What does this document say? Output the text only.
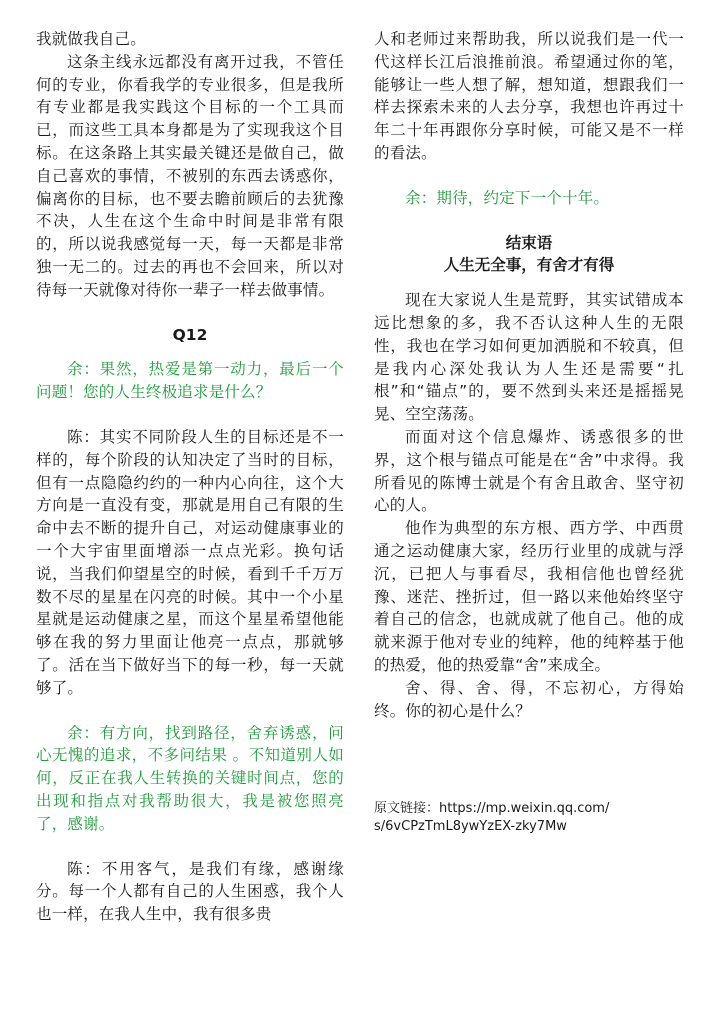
我就做我自己。

这条主线永远都没有离开过我，不管任何的专业，你看我学的专业很多，但是我所有专业都是我实践这个目标的一个工具而已，而这些工具本身都是为了实现我这个目标。在这条路上其实最关键还是做自己，做自己喜欢的事情，不被别的东西去诱惑你，偏离你的目标，也不要去瞻前顾后的去犹豫不决，人生在这个生命中时间是非常有限的，所以说我感觉每一天，每一天都是非常独一无二的。过去的再也不会回来，所以对待每一天就像对待你一辈子一样去做事情。

Q12

余：果然，热爱是第一动力，最后一个问题！您的人生终极追求是什么？

陈：其实不同阶段人生的目标还是不一样的，每个阶段的认知决定了当时的目标，但有一点隐隐约约的一种内心向往，这个大方向是一直没有变，那就是用自己有限的生命中去不断的提升自己，对运动健康事业的一个大宇宙里面增添一点点光彩。换句话说，当我们仰望星空的时候，看到千千万万数不尽的星星在闪亮的时候。其中一个小星星就是运动健康之星，而这个星星希望他能够在我的努力里面让他亮一点点，那就够了。活在当下做好当下的每一秒，每一天就够了。

余：有方向，找到路径，舍弃诱惑，问心无愧的追求，不多问结果 。不知道别人如何，反正在我人生转换的关键时间点，您的出现和指点对我帮助很大，我是被您照亮了，感谢。

陈：不用客气，是我们有缘，感谢缘分。每一个人都有自己的人生困惑，我个人也一样，在我人生中，我有很多贵

人和老师过来帮助我，所以说我们是一代一代这样长江后浪推前浪。希望通过你的笔，能够让一些人想了解，想知道，想跟我们一样去探索未来的人去分享，我想也许再过十年二十年再跟你分享时候，可能又是不一样的看法。

余：期待，约定下一个十年。

结束语
人生无全事，有舍才有得

现在大家说人生是荒野，其实试错成本远比想象的多，我不否认这种人生的无限性，我也在学习如何更加洒脱和不较真，但是我内心深处我认为人生还是需要“扎根”和“锚点”的，要不然到头来还是摇摇晃晃、空空荡荡。

而面对这个信息爆炸、诱惑很多的世界，这个根与锚点可能是在“舍”中求得。我所看见的陈博士就是个有舍且敢舍、坚守初心的人。

他作为典型的东方根、西方学、中西贯通之运动健康大家，经历行业里的成就与浮沉，已把人与事看尽，我相信他也曾经犹豫、迷茫、挫折过，但一路以来他始终坚守着自己的信念，也就成就了他自己。他的成就来源于他对专业的纯粹，他的纯粹基于他的热爱，他的热爱靠“舍”来成全。

舍、得、舍、得，不忘初心，方得始终。你的初心是什么？

原文链接：https://mp.weixin.qq.com/
s/6vCPzTmL8ywYzEX-zky7Mw
